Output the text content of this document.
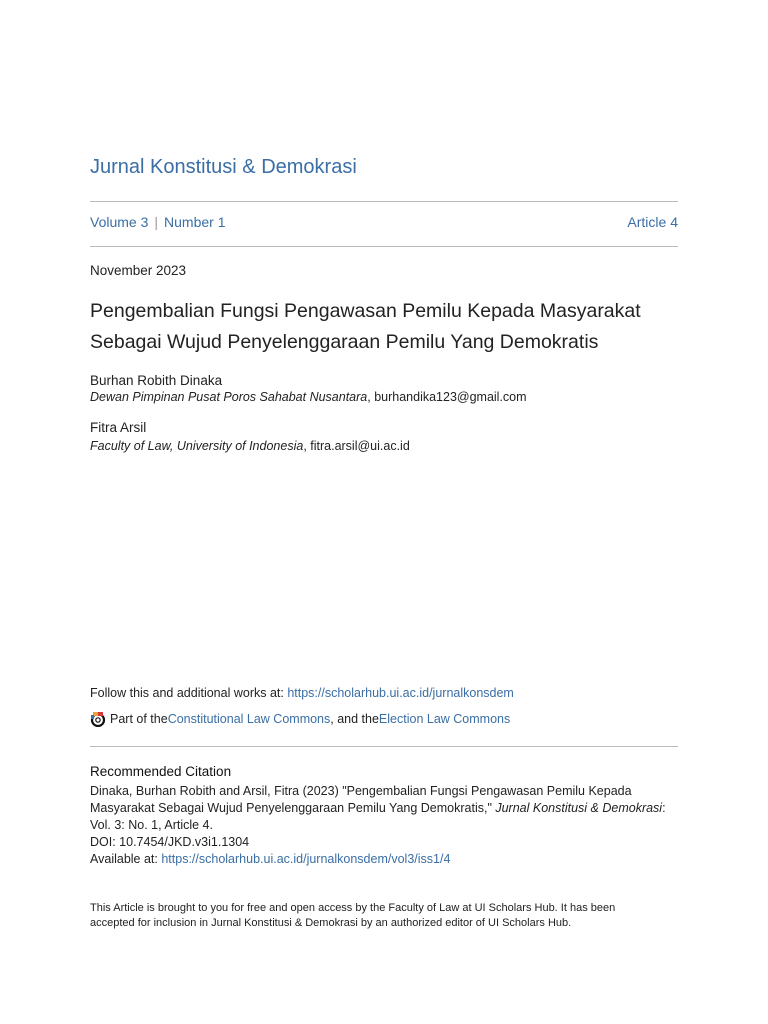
Jurnal Konstitusi & Demokrasi
Volume 3 | Number 1	Article 4
November 2023
Pengembalian Fungsi Pengawasan Pemilu Kepada Masyarakat
Sebagai Wujud Penyelenggaraan Pemilu Yang Demokratis
Burhan Robith Dinaka
Dewan Pimpinan Pusat Poros Sahabat Nusantara, burhandika123@gmail.com
Fitra Arsil
Faculty of Law, University of Indonesia, fitra.arsil@ui.ac.id
Follow this and additional works at: https://scholarhub.ui.ac.id/jurnalkonsdem
Part of the Constitutional Law Commons , and the Election Law Commons
Recommended Citation
Dinaka, Burhan Robith and Arsil, Fitra (2023) "Pengembalian Fungsi Pengawasan Pemilu Kepada
Masyarakat Sebagai Wujud Penyelenggaraan Pemilu Yang Demokratis," Jurnal Konstitusi & Demokrasi:
Vol. 3: No. 1, Article 4.
DOI: 10.7454/JKD.v3i1.1304
Available at: https://scholarhub.ui.ac.id/jurnalkonsdem/vol3/iss1/4
This Article is brought to you for free and open access by the Faculty of Law at UI Scholars Hub. It has been
accepted for inclusion in Jurnal Konstitusi & Demokrasi by an authorized editor of UI Scholars Hub.
